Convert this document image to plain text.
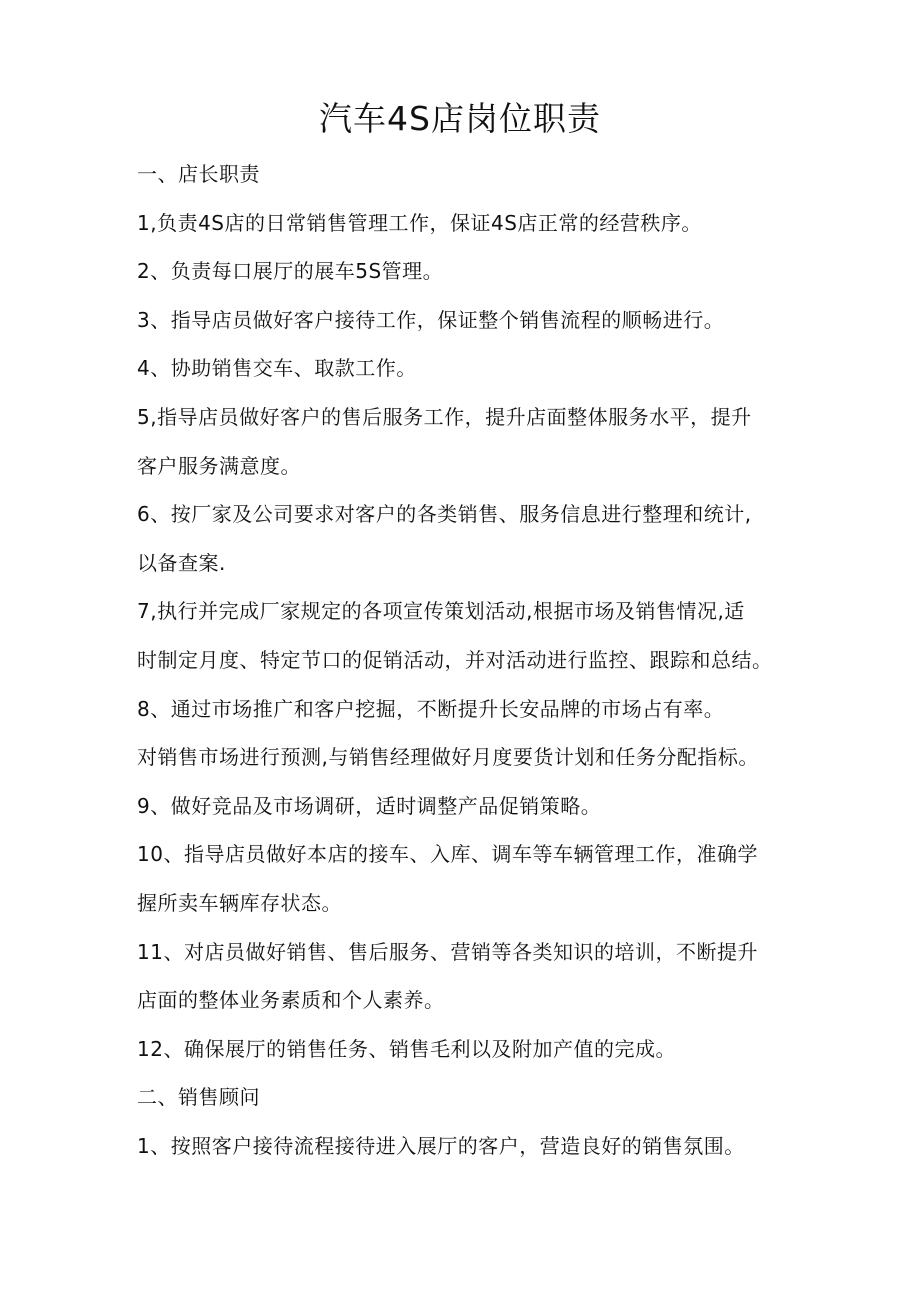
汽车4S店岗位职责
一、店长职责
1,负责4S店的日常销售管理工作，保证4S店正常的经营秩序。
2、负责每口展厅的展车5S管理。
3、指导店员做好客户接待工作，保证整个销售流程的顺畅进行。
4、协助销售交车、取款工作。
5,指导店员做好客户的售后服务工作，提升店面整体服务水平，提升
客户服务满意度。
6、按厂家及公司要求对客户的各类销售、服务信息进行整理和统计,
以备查案.
7,执行并完成厂家规定的各项宣传策划活动,根据市场及销售情况,适
时制定月度、特定节口的促销活动，并对活动进行监控、跟踪和总结。
8、通过市场推广和客户挖掘，不断提升长安品牌的市场占有率。
对销售市场进行预测,与销售经理做好月度要货计划和任务分配指标。
9、做好竞品及市场调研，适时调整产品促销策略。
10、指导店员做好本店的接车、入库、调车等车辆管理工作，准确学
握所卖车辆库存状态。
11、对店员做好销售、售后服务、营销等各类知识的培训，不断提升
店面的整体业务素质和个人素养。
12、确保展厅的销售任务、销售毛利以及附加产值的完成。
二、销售顾问
1、按照客户接待流程接待进入展厅的客户，营造良好的销售氛围。
